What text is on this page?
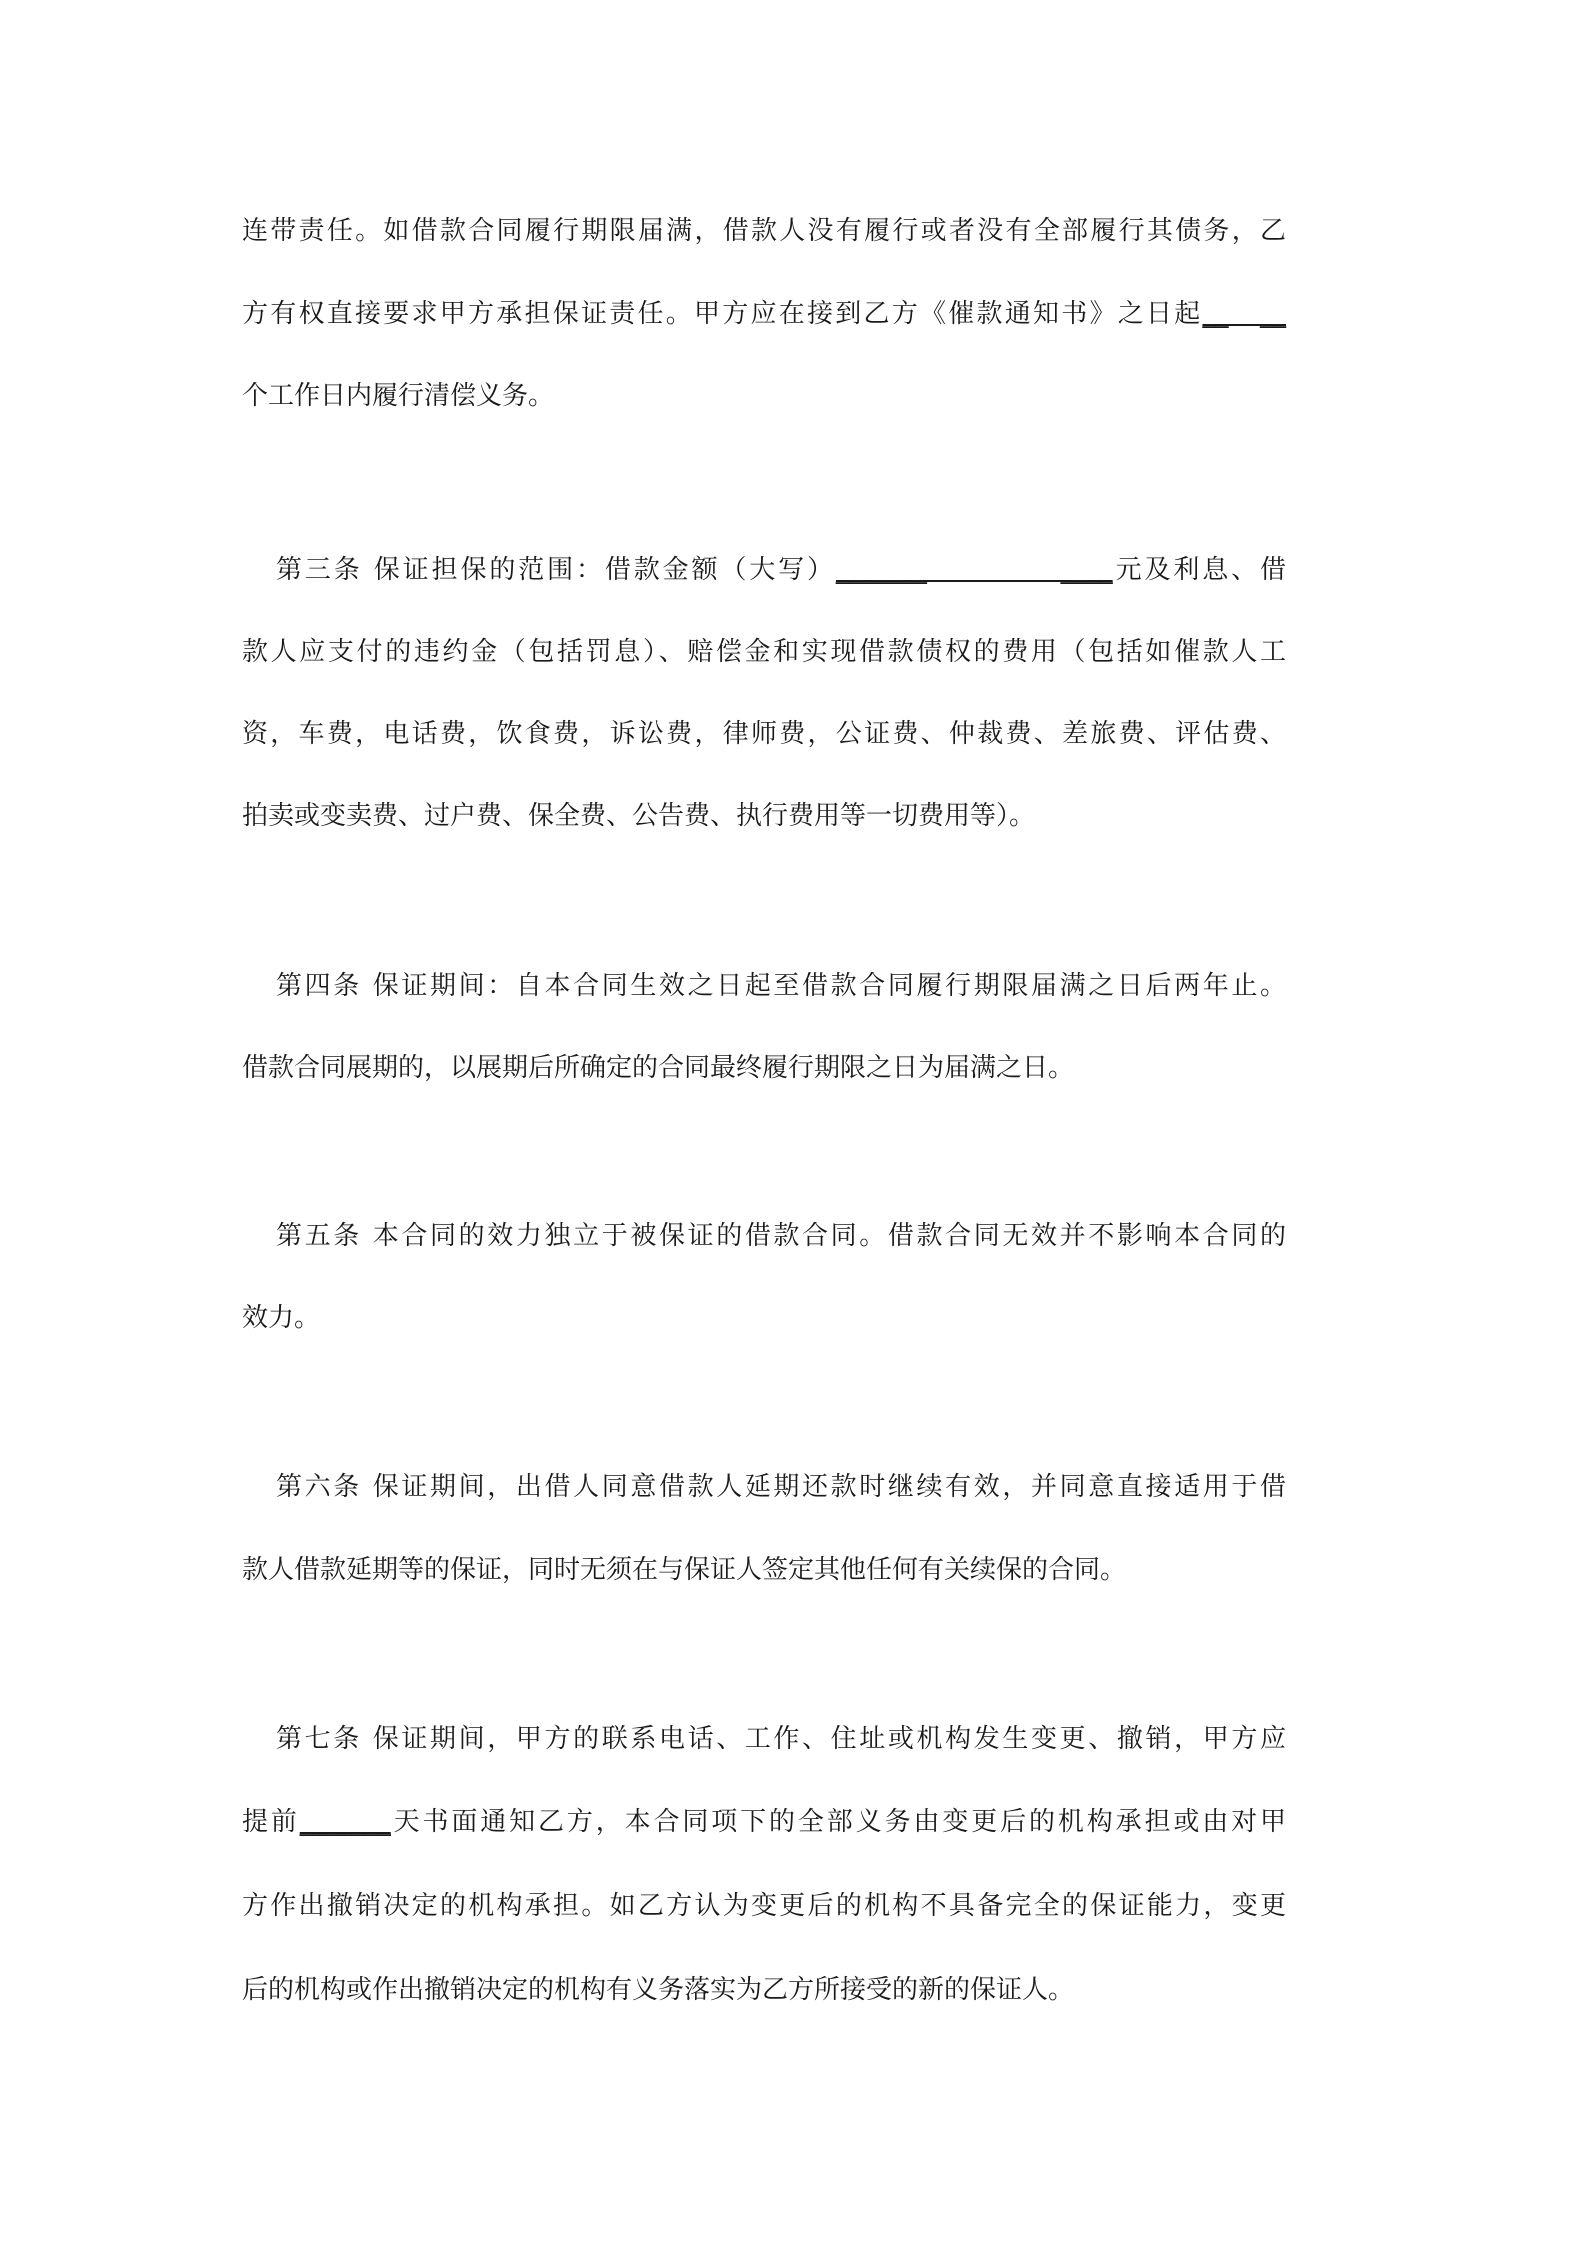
连带责任。如借款合同履行期限届满，借款人没有履行或者没有全部履行其债务，乙
方有权直接要求甲方承担保证责任。甲方应在接到乙方《催款通知书》之日起__   __
个工作日内履行清偿义务。
第三条 保证担保的范围：借款金额（大写）_______            ____元及利息、借
款人应支付的违约金（包括罚息）、赔偿金和实现借款债权的费用（包括如催款人工
资，车费，电话费，饮食费，诉讼费，律师费，公证费、仲裁费、差旅费、评估费、
拍卖或变卖费、过户费、保全费、公告费、执行费用等一切费用等）。
第四条 保证期间：自本合同生效之日起至借款合同履行期限届满之日后两年止。
借款合同展期的，以展期后所确定的合同最终履行期限之日为届满之日。
第五条 本合同的效力独立于被保证的借款合同。借款合同无效并不影响本合同的
效力。
第六条 保证期间，出借人同意借款人延期还款时继续有效，并同意直接适用于借
款人借款延期等的保证，同时无须在与保证人签定其他任何有关续保的合同。
第七条 保证期间，甲方的联系电话、工作、住址或机构发生变更、撤销，甲方应
提前_______天书面通知乙方，本合同项下的全部义务由变更后的机构承担或由对甲
方作出撤销决定的机构承担。如乙方认为变更后的机构不具备完全的保证能力，变更
后的机构或作出撤销决定的机构有义务落实为乙方所接受的新的保证人。
